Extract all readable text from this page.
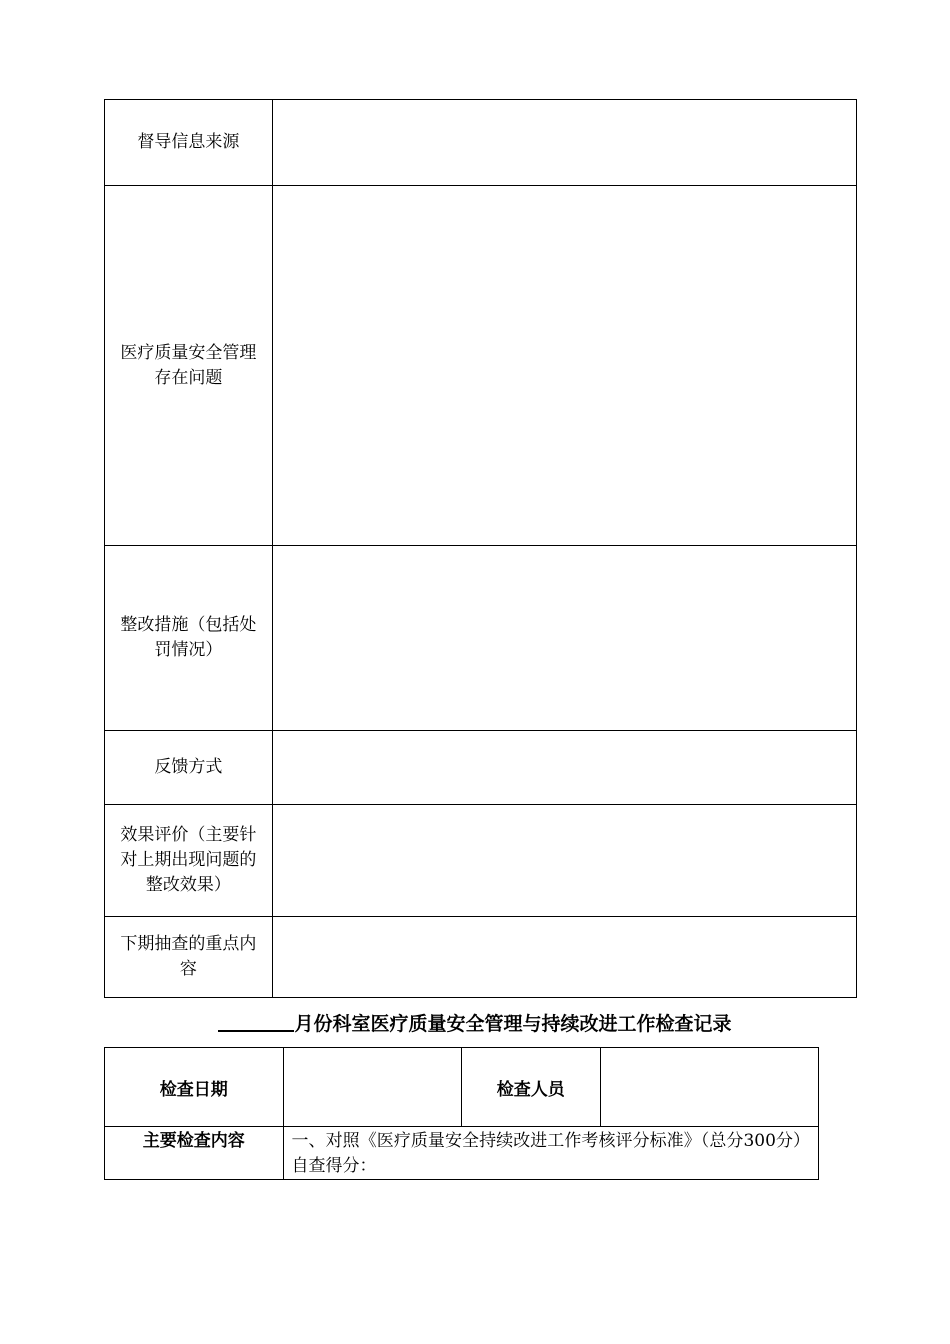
督导信息来源	
医疗质量安全管理存在问题	
整改措施（包括处罚情况）	
反馈方式	
效果评价（主要针对上期出现问题的整改效果）	
下期抽查的重点内容	
月份科室医疗质量安全管理与持续改进工作检查记录
检查日期		检查人员	
主要检查内容	一、对照《医疗质量安全持续改进工作考核评分标准》（总分300分）自查得分：		
